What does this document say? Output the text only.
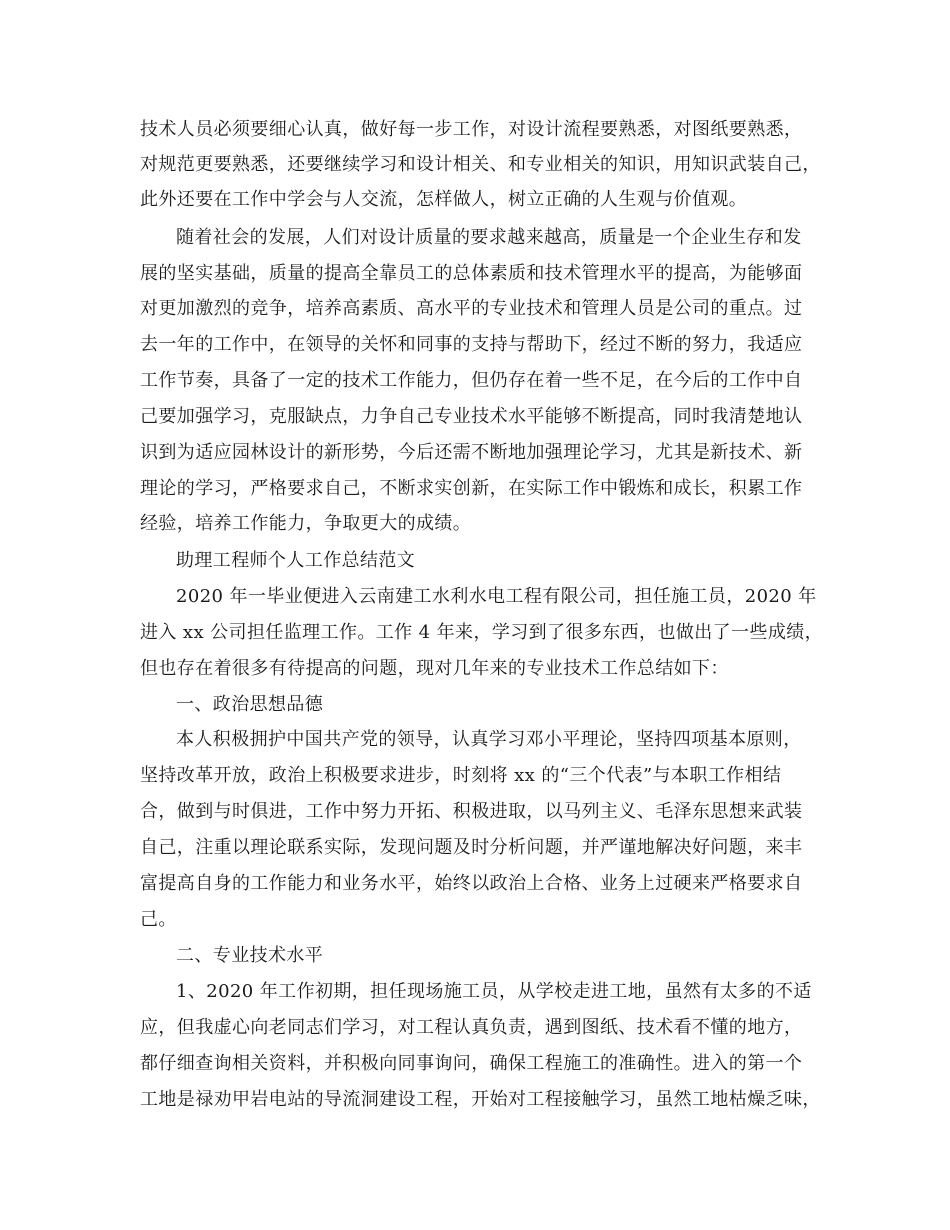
技术人员必须要细心认真，做好每一步工作，对设计流程要熟悉，对图纸要熟悉，
对规范更要熟悉，还要继续学习和设计相关、和专业相关的知识，用知识武装自己，
此外还要在工作中学会与人交流，怎样做人，树立正确的人生观与价值观。
随着社会的发展，人们对设计质量的要求越来越高，质量是一个企业生存和发
展的坚实基础，质量的提高全靠员工的总体素质和技术管理水平的提高，为能够面
对更加激烈的竞争，培养高素质、高水平的专业技术和管理人员是公司的重点。过
去一年的工作中，在领导的关怀和同事的支持与帮助下，经过不断的努力，我适应
工作节奏，具备了一定的技术工作能力，但仍存在着一些不足，在今后的工作中自
己要加强学习，克服缺点，力争自己专业技术水平能够不断提高，同时我清楚地认
识到为适应园林设计的新形势，今后还需不断地加强理论学习，尤其是新技术、新
理论的学习，严格要求自己，不断求实创新，在实际工作中锻炼和成长，积累工作
经验，培养工作能力，争取更大的成绩。
助理工程师个人工作总结范文
2020 年一毕业便进入云南建工水利水电工程有限公司，担任施工员，2020 年
进入 xx 公司担任监理工作。工作 4 年来，学习到了很多东西，也做出了一些成绩，
但也存在着很多有待提高的问题，现对几年来的专业技术工作总结如下：
一、政治思想品德
本人积极拥护中国共产党的领导，认真学习邓小平理论，坚持四项基本原则，
坚持改革开放，政治上积极要求进步，时刻将 xx 的“三个代表”与本职工作相结
合，做到与时俱进，工作中努力开拓、积极进取，以马列主义、毛泽东思想来武装
自己，注重以理论联系实际，发现问题及时分析问题，并严谨地解决好问题，来丰
富提高自身的工作能力和业务水平，始终以政治上合格、业务上过硬来严格要求自
己。
二、专业技术水平
1、2020 年工作初期，担任现场施工员，从学校走进工地，虽然有太多的不适
应，但我虚心向老同志们学习，对工程认真负责，遇到图纸、技术看不懂的地方，
都仔细查询相关资料，并积极向同事询问，确保工程施工的准确性。进入的第一个
工地是禄劝甲岩电站的导流洞建设工程，开始对工程接触学习，虽然工地枯燥乏味，
